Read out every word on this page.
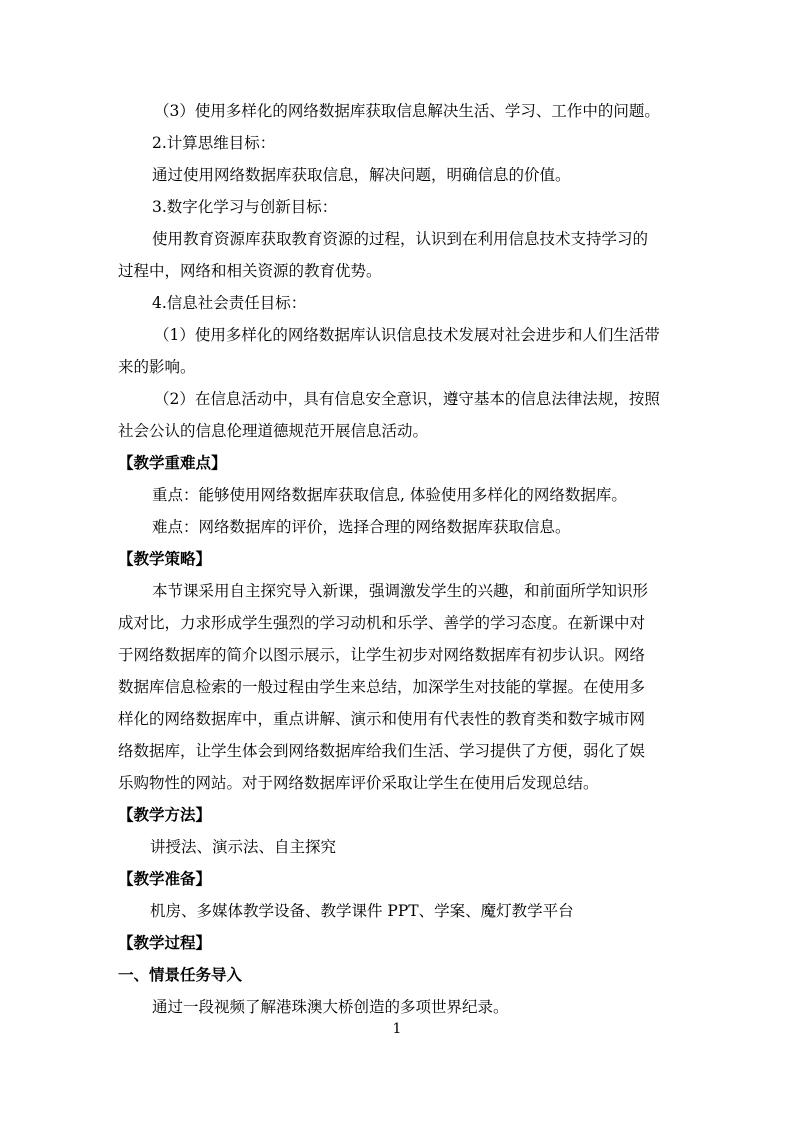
（3）使用多样化的网络数据库获取信息解决生活、学习、工作中的问题。
2.计算思维目标：
通过使用网络数据库获取信息，解决问题，明确信息的价值。
3.数字化学习与创新目标：
使用教育资源库获取教育资源的过程，认识到在利用信息技术支持学习的
过程中，网络和相关资源的教育优势。
4.信息社会责任目标：
（1）使用多样化的网络数据库认识信息技术发展对社会进步和人们生活带
来的影响。
（2）在信息活动中，具有信息安全意识，遵守基本的信息法律法规，按照
社会公认的信息伦理道德规范开展信息活动。
【教学重难点】
重点：能够使用网络数据库获取信息, 体验使用多样化的网络数据库。
难点：网络数据库的评价，选择合理的网络数据库获取信息。
【教学策略】
本节课采用自主探究导入新课，强调激发学生的兴趣，和前面所学知识形
成对比，力求形成学生强烈的学习动机和乐学、善学的学习态度。在新课中对
于网络数据库的简介以图示展示，让学生初步对网络数据库有初步认识。网络
数据库信息检索的一般过程由学生来总结，加深学生对技能的掌握。在使用多
样化的网络数据库中，重点讲解、演示和使用有代表性的教育类和数字城市网
络数据库，让学生体会到网络数据库给我们生活、学习提供了方便，弱化了娱
乐购物性的网站。对于网络数据库评价采取让学生在使用后发现总结。
【教学方法】
讲授法、演示法、自主探究
【教学准备】
机房、多媒体教学设备、教学课件 PPT、学案、魔灯教学平台
【教学过程】
一、情景任务导入
通过一段视频了解港珠澳大桥创造的多项世界纪录。
1
